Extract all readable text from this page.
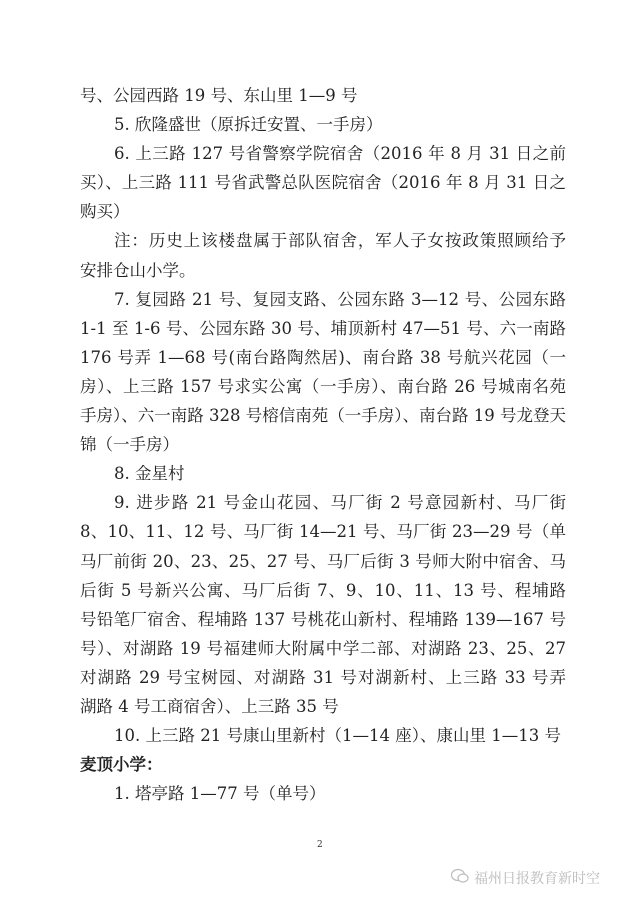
号、公园西路 19 号、东山里 1—9 号
5. 欣隆盛世（原拆迁安置、一手房）
6. 上三路 127 号省警察学院宿舍（2016 年 8 月 31 日之前
买）、上三路 111 号省武警总队医院宿舍（2016 年 8 月 31 日之
购买）
注：历史上该楼盘属于部队宿舍，军人子女按政策照顾给予
安排仓山小学。
7. 复园路 21 号、复园支路、公园东路 3—12 号、公园东路
1-1 至 1-6 号、公园东路 30 号、埔顶新村 47—51 号、六一南路
176 号弄 1—68 号(南台路陶然居)、南台路 38 号航兴花园（一
房）、上三路 157 号求实公寓（一手房）、南台路 26 号城南名苑
手房）、六一南路 328 号榕信南苑（一手房）、南台路 19 号龙登天
锦（一手房）
8. 金星村
9. 进步路 21 号金山花园、马厂街 2 号意园新村、马厂街
8、10、11、12 号、马厂街 14—21 号、马厂街 23—29 号（单
马厂前街 20、23、25、27 号、马厂后街 3 号师大附中宿舍、马
后街 5 号新兴公寓、马厂后街 7、9、10、11、13 号、程埔路
号铅笔厂宿舍、程埔路 137 号桃花山新村、程埔路 139—167 号
号）、对湖路 19 号福建师大附属中学二部、对湖路 23、25、27
对湖路 29 号宝树园、对湖路 31 号对湖新村、上三路 33 号弄
湖路 4 号工商宿舍）、上三路 35 号
10. 上三路 21 号康山里新村（1—14 座）、康山里 1—13 号
麦顶小学：
1. 塔亭路 1—77 号（单号）
2
福州日报教育新时空
